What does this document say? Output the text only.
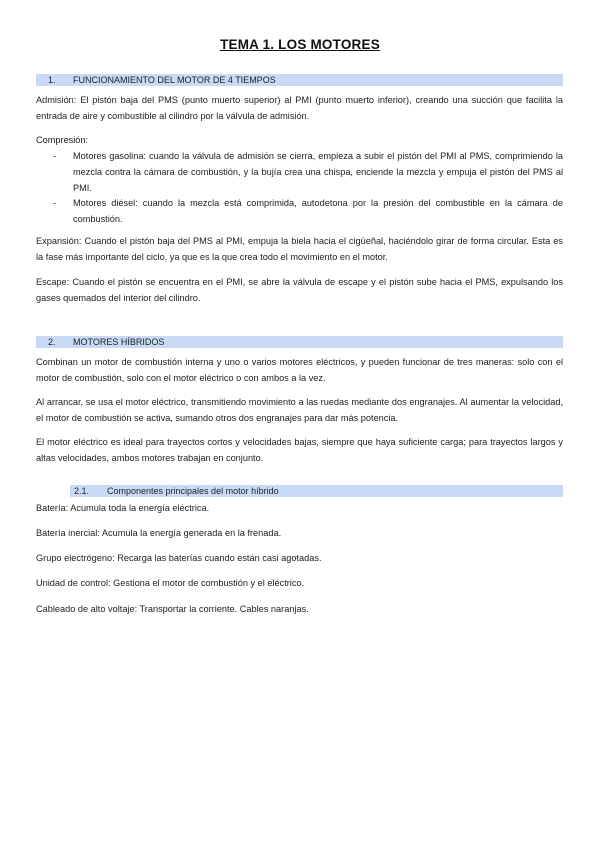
TEMA 1. LOS MOTORES
1. FUNCIONAMIENTO DEL MOTOR DE 4 TIEMPOS
Admisión: El pistón baja del PMS (punto muerto superior) al PMI (punto muerto inferior), creando una succión que facilita la entrada de aire y combustible al cilindro por la válvula de admisión.
Compresión:
- Motores gasolina: cuando la válvula de admisión se cierra, empieza a subir el pistón del PMI al PMS, comprimiendo la mezcla contra la cámara de combustión, y la bujía crea una chispa, enciende la mezcla y empuja el pistón del PMS al PMI.
- Motores diésel: cuando la mezcla está comprimida, autodetona por la presión del combustible en la cámara de combustión.
Expansión: Cuando el pistón baja del PMS al PMI, empuja la biela hacia el cigüeñal, haciéndolo girar de forma circular. Esta es la fase más importante del ciclo, ya que es la que crea todo el movimiento en el motor.
Escape: Cuando el pistón se encuentra en el PMI, se abre la válvula de escape y el pistón sube hacia el PMS, expulsando los gases quemados del interior del cilindro.
2. MOTORES HÍBRIDOS
Combinan un motor de combustión interna y uno o varios motores eléctricos, y pueden funcionar de tres maneras: solo con el motor de combustión, solo con el motor eléctrico o con ambos a la vez.
Al arrancar, se usa el motor eléctrico, transmitiendo movimiento a las ruedas mediante dos engranajes. Al aumentar la velocidad, el motor de combustión se activa, sumando otros dos engranajes para dar más potencia.
El motor eléctrico es ideal para trayectos cortos y velocidades bajas, siempre que haya suficiente carga; para trayectos largos y altas velocidades, ambos motores trabajan en conjunto.
2.1. Componentes principales del motor híbrido
Batería: Acumula toda la energía eléctrica.
Batería inercial: Acumula la energía generada en la frenada.
Grupo electrógeno: Recarga las baterías cuando están casi agotadas.
Unidad de control: Gestiona el motor de combustión y el eléctrico.
Cableado de alto voltaje: Transportar la corriente. Cables naranjas.
